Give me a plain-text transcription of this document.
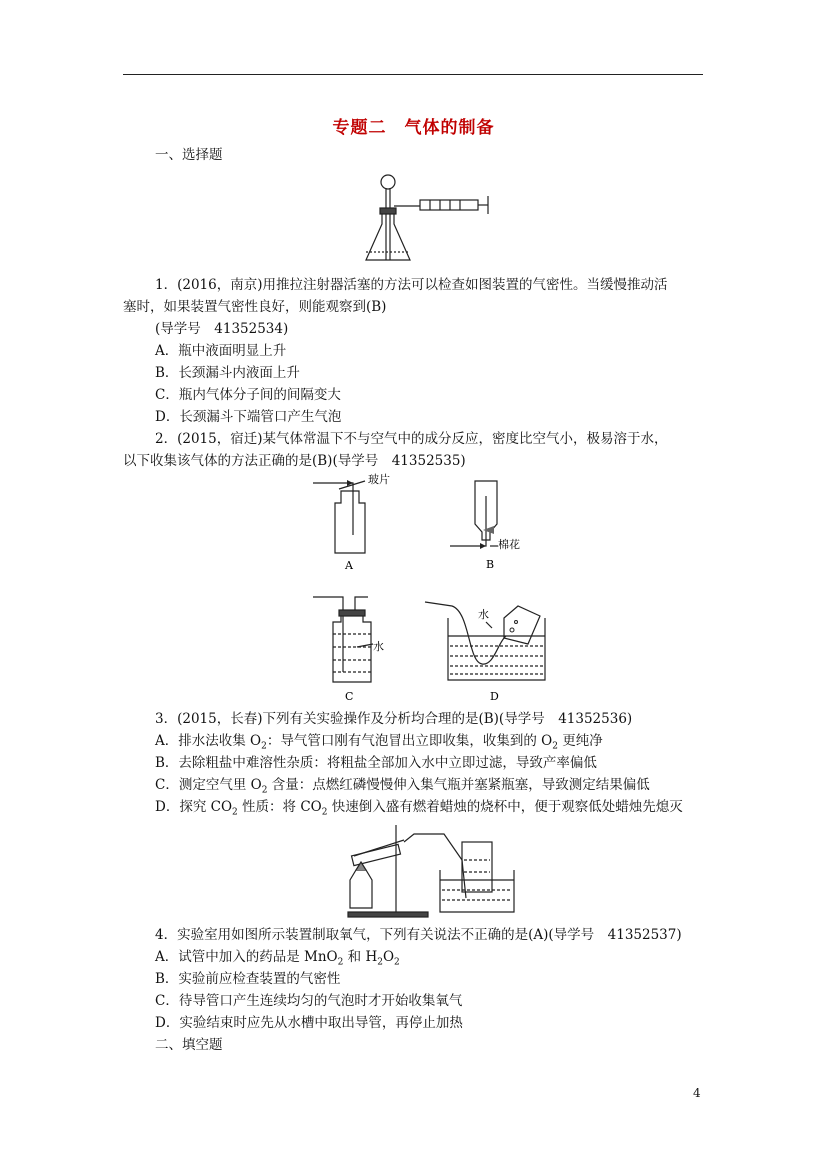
专题二　气体的制备
一、选择题
1．(2016，南京)用推拉注射器活塞的方法可以检查如图装置的气密性。当缓慢推动活
塞时，如果装置气密性良好，则能观察到(B)
(导学号　41352534)
A．瓶中液面明显上升
B．长颈漏斗内液面上升
C．瓶内气体分子间的间隔变大
D．长颈漏斗下端管口产生气泡
2．(2015，宿迁)某气体常温下不与空气中的成分反应，密度比空气小，极易溶于水，
以下收集该气体的方法正确的是(B)(导学号　41352535)
玻片
A
棉花
B
水
C
水
D
3．(2015，长春)下列有关实验操作及分析均合理的是(B)(导学号　41352536)
A．排水法收集 $O_2$：导气管口刚有气泡冒出立即收集，收集到的 $O_2$ 更纯净
B．去除粗盐中难溶性杂质：将粗盐全部加入水中立即过滤，导致产率偏低
C．测定空气里 $O_2$ 含量：点燃红磷慢慢伸入集气瓶并塞紧瓶塞，导致测定结果偏低
D．探究 $CO_2$ 性质：将 $CO_2$ 快速倒入盛有燃着蜡烛的烧杯中，便于观察低处蜡烛先熄灭
4．实验室用如图所示装置制取氧气，下列有关说法不正确的是(A)(导学号　41352537)
A．试管中加入的药品是 MnO$_2$ 和 $H_2O_2$
B．实验前应检查装置的气密性
C．待导管口产生连续均匀的气泡时才开始收集氧气
D．实验结束时应先从水槽中取出导管，再停止加热
二、填空题
4
